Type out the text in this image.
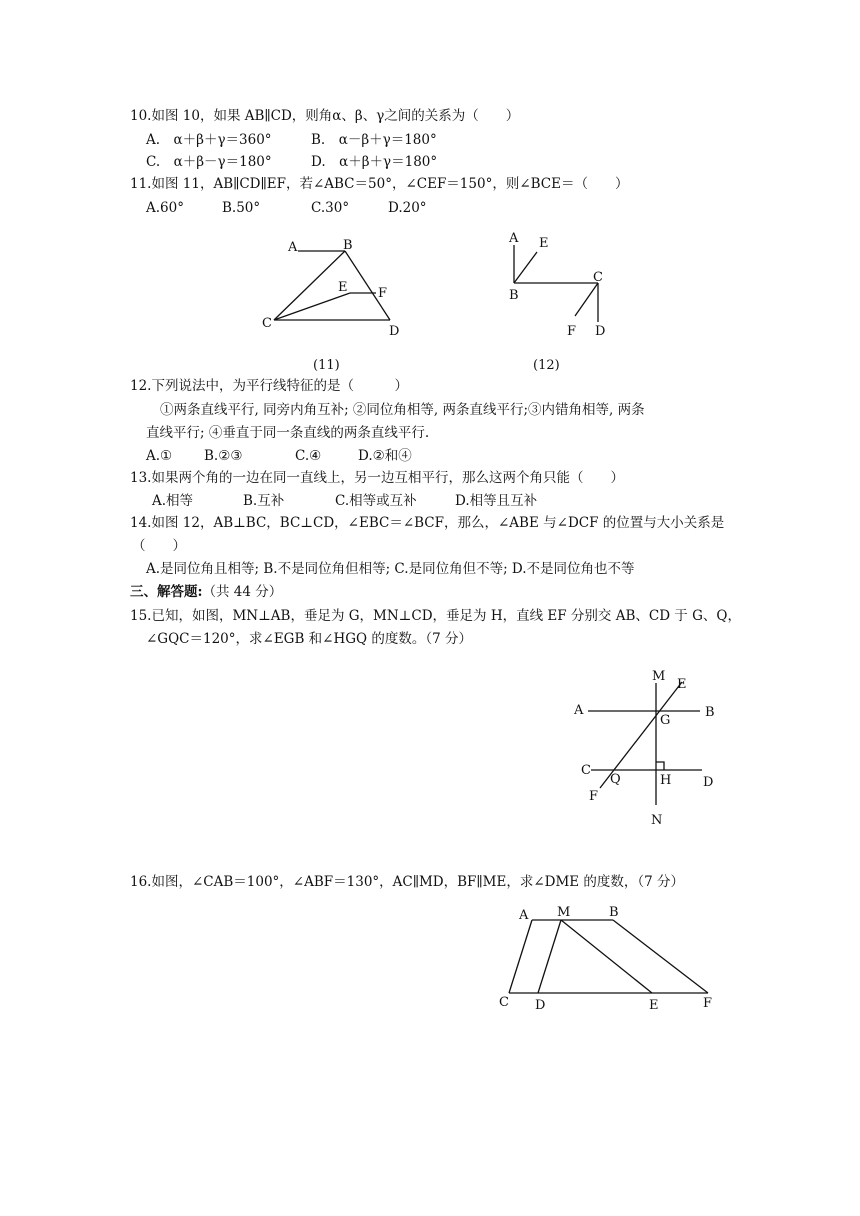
10.如图 10，如果 AB∥CD，则角α、β、γ之间的关系为（　　）
A.　α＋β＋γ＝360°	B.　α－β＋γ＝180°
C.　α＋β－γ＝180°	D.　α＋β＋γ＝180°
11.如图 11，AB∥CD∥EF，若∠ABC＝50°，∠CEF＝150°，则∠BCE＝（　　）
A.60°	B.50°	C.30°	D.20°
A	B
E F
C
D
(11)
A E
C
B
F D
(12)
M
E
A
G
B
C
Q	H D
F
N
A M	B
C D	E	F
12.下列说法中，为平行线特征的是（　　　）
①两条直线平行, 同旁内角互补; ②同位角相等, 两条直线平行;③内错角相等, 两条
直线平行; ④垂直于同一条直线的两条直线平行.
A.① B.②③	C.④	D.②和④
13.如果两个角的一边在同一直线上，另一边互相平行，那么这两个角只能（　　）
A.相等	B.互补	C.相等或互补	D.相等且互补
14.如图 12，AB⊥BC，BC⊥CD，∠EBC＝∠BCF，那么，∠ABE 与∠DCF 的位置与大小关系是
（　　）
A.是同位角且相等; B.不是同位角但相等; C.是同位角但不等; D.不是同位角也不等
三、解答题:（共 44 分）
15.已知，如图，MN⊥AB，垂足为 G，MN⊥CD，垂足为 H，直线 EF 分别交 AB、CD 于 G、Q，
∠GQC＝120°，求∠EGB 和∠HGQ 的度数。（7 分）
16.如图，∠CAB＝100°，∠ABF＝130°，AC∥MD，BF∥ME，求∠DME 的度数，（7 分）
